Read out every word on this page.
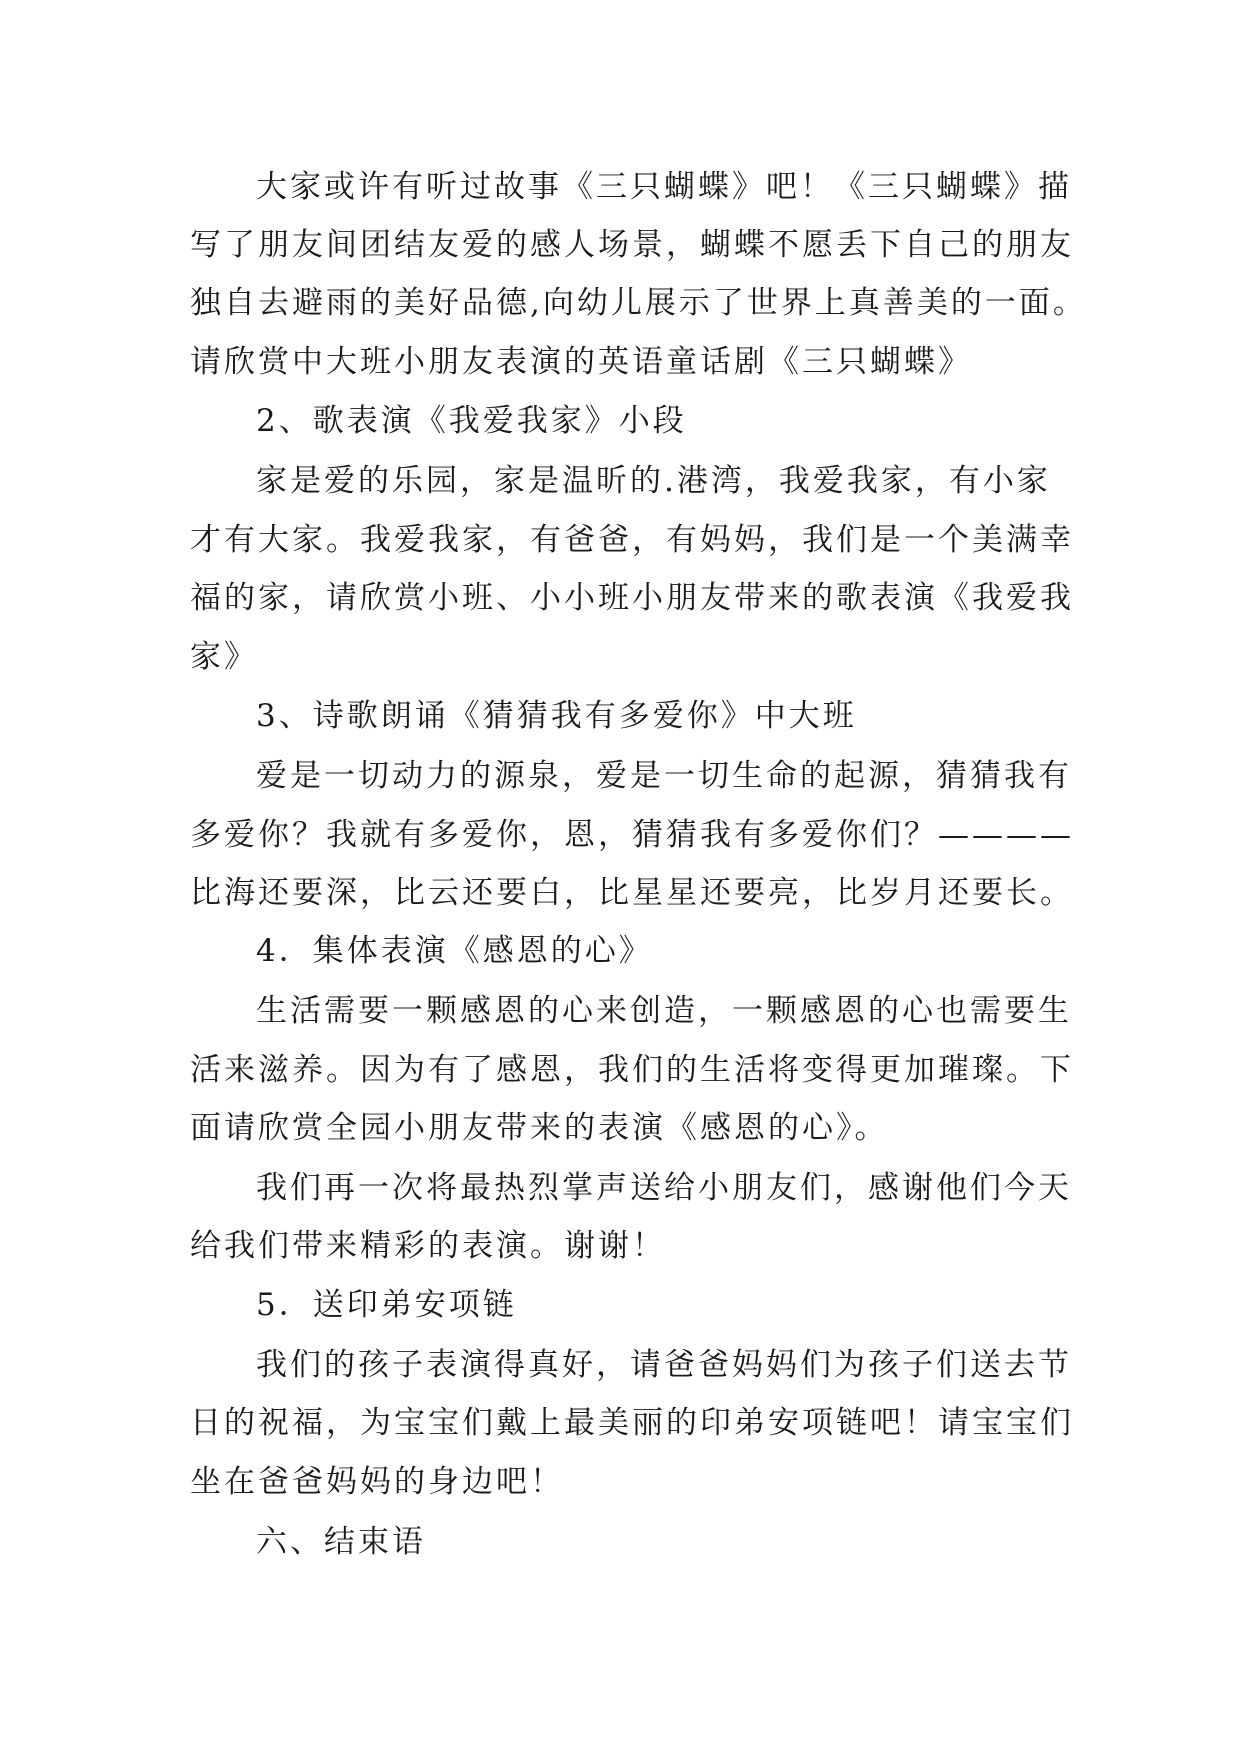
大家或许有听过故事《三只蝴蝶》吧！《三只蝴蝶》描
写了朋友间团结友爱的感人场景，蝴蝶不愿丢下自己的朋友
独自去避雨的美好品德,向幼儿展示了世界上真善美的一面。
请欣赏中大班小朋友表演的英语童话剧《三只蝴蝶》
2、歌表演《我爱我家》小段
家是爱的乐园，家是温昕的.港湾，我爱我家，有小家
才有大家。我爱我家，有爸爸，有妈妈，我们是一个美满幸
福的家，请欣赏小班、小小班小朋友带来的歌表演《我爱我
家》
3、诗歌朗诵《猜猜我有多爱你》中大班
爱是一切动力的源泉，爱是一切生命的起源，猜猜我有
多爱你？我就有多爱你，恩，猜猜我有多爱你们？————
比海还要深，比云还要白，比星星还要亮，比岁月还要长。
4．集体表演《感恩的心》
生活需要一颗感恩的心来创造，一颗感恩的心也需要生
活来滋养。因为有了感恩，我们的生活将变得更加璀璨。下
面请欣赏全园小朋友带来的表演《感恩的心》。
我们再一次将最热烈掌声送给小朋友们，感谢他们今天
给我们带来精彩的表演。谢谢！
5．送印弟安项链
我们的孩子表演得真好，请爸爸妈妈们为孩子们送去节
日的祝福，为宝宝们戴上最美丽的印弟安项链吧！请宝宝们
坐在爸爸妈妈的身边吧！
六、结束语
